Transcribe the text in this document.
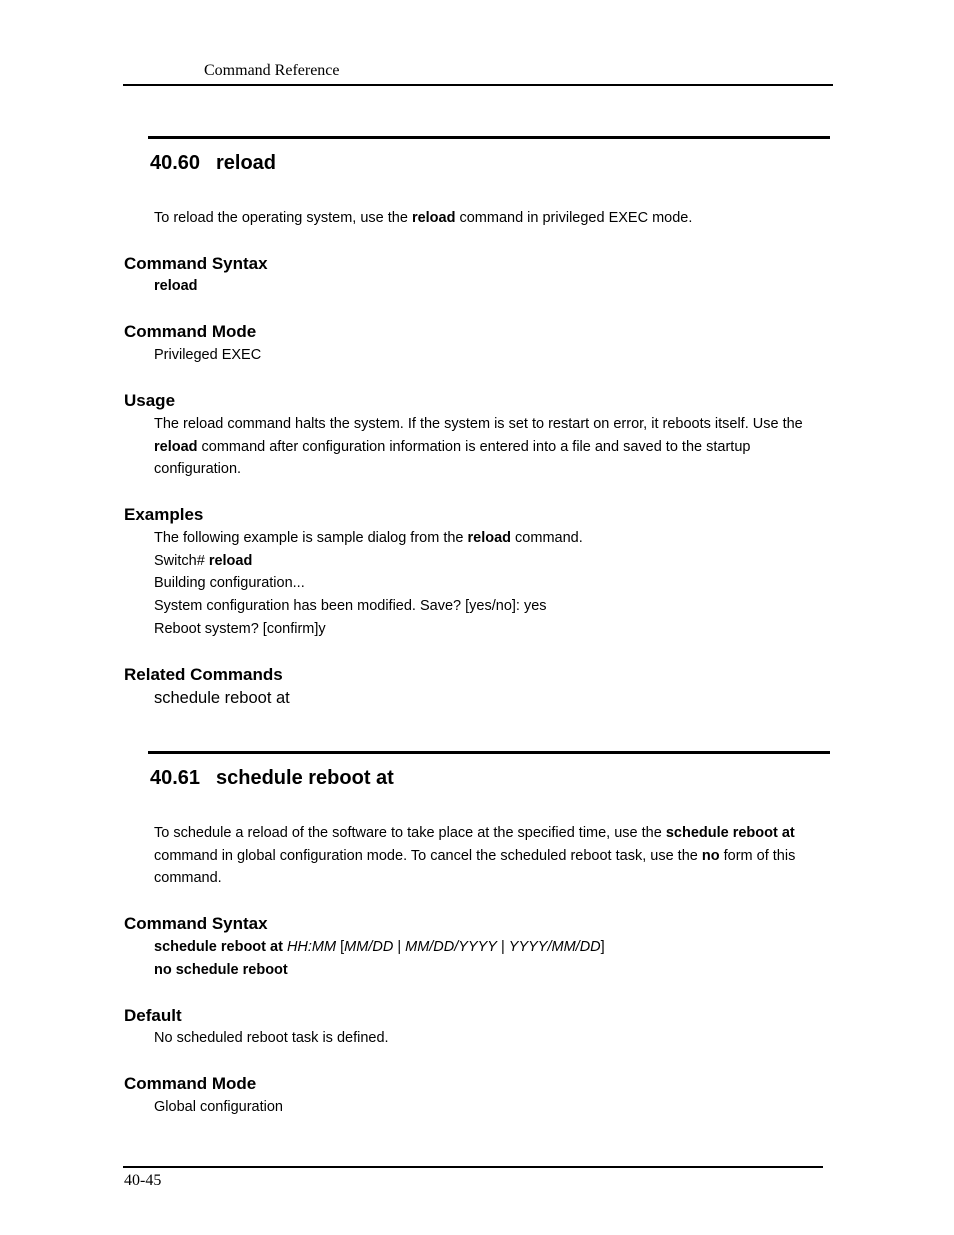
Command Reference
40.60 reload
To reload the operating system, use the reload command in privileged EXEC mode.
Command Syntax
reload
Command Mode
Privileged EXEC
Usage
The reload command halts the system. If the system is set to restart on error, it reboots itself. Use the reload command after configuration information is entered into a file and saved to the startup configuration.
Examples
The following example is sample dialog from the reload command.
Switch# reload
Building configuration...
System configuration has been modified. Save? [yes/no]: yes
Reboot system? [confirm]y
Related Commands
schedule reboot at
40.61 schedule reboot at
To schedule a reload of the software to take place at the specified time, use the schedule reboot at command in global configuration mode. To cancel the scheduled reboot task, use the no form of this command.
Command Syntax
schedule reboot at HH:MM [MM/DD | MM/DD/YYYY | YYYY/MM/DD]
no schedule reboot
Default
No scheduled reboot task is defined.
Command Mode
Global configuration
40-45
